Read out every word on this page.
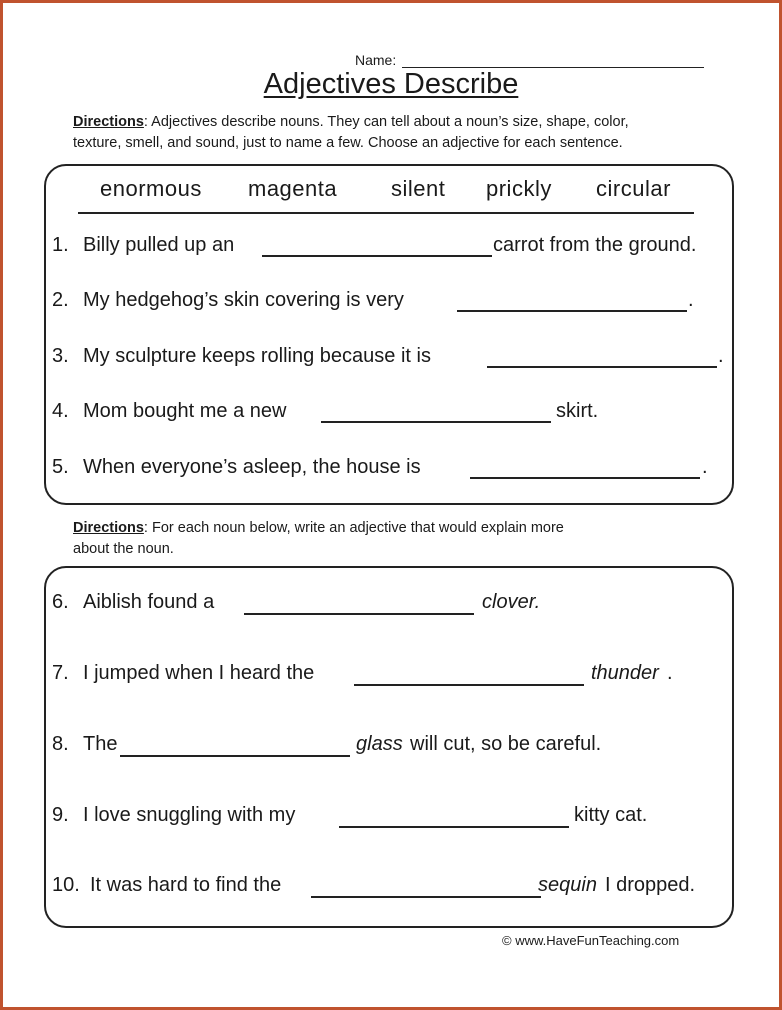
Name:
Adjectives Describe
Directions: Adjectives describe nouns. They can tell about a noun’s size, shape, color,
texture, smell, and sound, just to name a few. Choose an adjective for each sentence.
enormous magenta silent prickly circular
1. Billy pulled up an	carrot from the ground.
2. My hedgehog’s skin covering is very	.
3. My sculpture keeps rolling because it is	.
4. Mom bought me a new	skirt.
5. When everyone’s asleep, the house is	.
Directions: For each noun below, write an adjective that would explain more
about the noun.
6. Aiblish found a	clover.
7. I jumped when I heard the	thunder .
8. The	glass will cut, so be careful.
9. I love snuggling with my	kitty cat.
10. It was hard to find the	sequin I dropped.
© www.HaveFunTeaching.com
